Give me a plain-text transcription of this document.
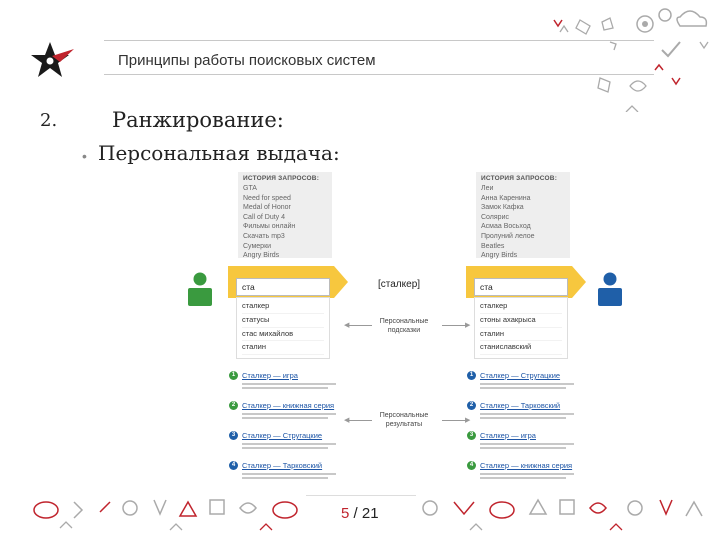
Принципы работы поисковых систем
2.	Ранжирование:
• Персональная выдача:
ИСТОРИЯ ЗАПРОСОВ:
GTA
Need for speed
Medal of Honor
Call of Duty 4
Фильмы онлайн
Скачать mp3
Сумерки
Angry Birds
ста
сталкер
статусы
стас михайлов
сталин
1 Сталкер — игра
2 Сталкер — книжная серия
3 Сталкер — Стругацкие
4 Сталкер — Тарковский
[сталкер]
◀
Персональные подсказки
▶
◀
Персональные результаты	▶
ИСТОРИЯ ЗАПРОСОВ:
Леи
Анна Каренина
Замок Кафка
Солярис
Асмаа Восьход
Пролуний лелое
Beatles
Angry Birds
ста
сталкер
стоны ахакрыса
сталин
станиславский
1 Сталкер — Стругацкие
2 Сталкер — Тарковский
3 Сталкер — игра
4 Сталкер — книжная серия
5 / 21
